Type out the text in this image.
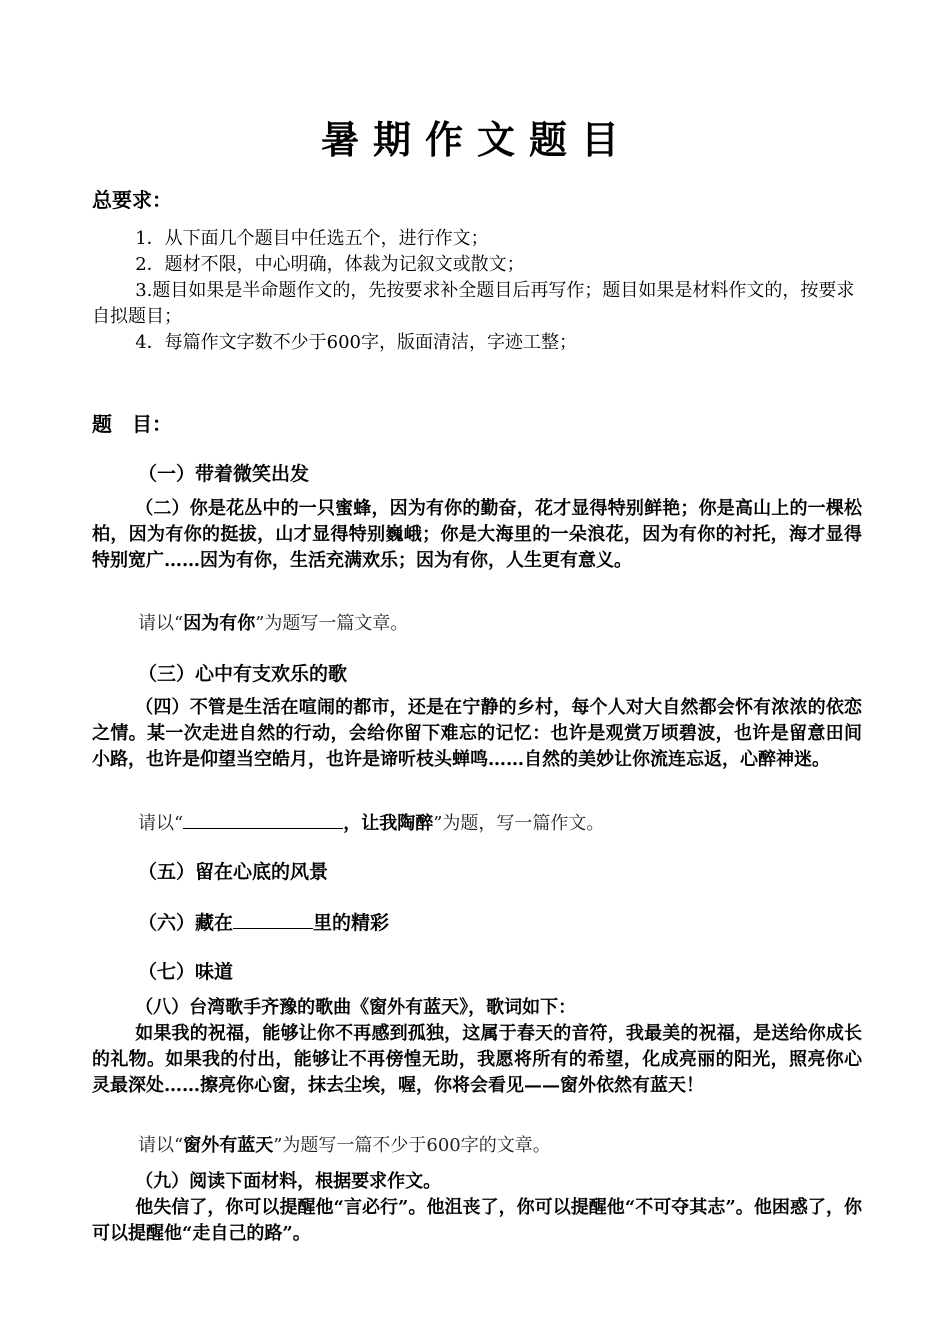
暑期作文题目
总要求：
1．从下面几个题目中任选五个，进行作文；
2．题材不限，中心明确，体裁为记叙文或散文；
3.题目如果是半命题作文的，先按要求补全题目后再写作；题目如果是材料作文的，按要求自拟题目；
4．每篇作文字数不少于600字，版面清洁，字迹工整；
题　目：

（一）带着微笑出发

（二）你是花丛中的一只蜜蜂，因为有你的勤奋，花才显得特别鲜艳；你是高山上的一棵松柏，因为有你的挺拔，山才显得特别巍峨；你是大海里的一朵浪花，因为有你的衬托，海才显得特别宽广……因为有你，生活充满欢乐；因为有你，人生更有意义。

请以“因为有你”为题写一篇文章。

（三）心中有支欢乐的歌

（四）不管是生活在喧闹的都市，还是在宁静的乡村，每个人对大自然都会怀有浓浓的依恋之情。某一次走进自然的行动，会给你留下难忘的记忆：也许是观赏万顷碧波，也许是留意田间小路，也许是仰望当空皓月，也许是谛听枝头蝉鸣……自然的美妙让你流连忘返，心醉神迷。

请以“	，让我陶醉”为题，写一篇作文。

（五）留在心底的风景

（六）藏在	里的精彩

（七）味道

（八）台湾歌手齐豫的歌曲《窗外有蓝天》，歌词如下：

如果我的祝福，能够让你不再感到孤独，这属于春天的音符，我最美的祝福，是送给你成长的礼物。如果我的付出，能够让不再傍惶无助，我愿将所有的希望，化成亮丽的阳光，照亮你心灵最深处……擦亮你心窗，抹去尘埃，喔，你将会看见——窗外依然有蓝天！

请以“窗外有蓝天”为题写一篇不少于600字的文章。

（九）阅读下面材料，根据要求作文。

他失信了，你可以提醒他“言必行”。他沮丧了，你可以提醒他“不可夺其志”。他困惑了，你可以提醒他“走自己的路”。
